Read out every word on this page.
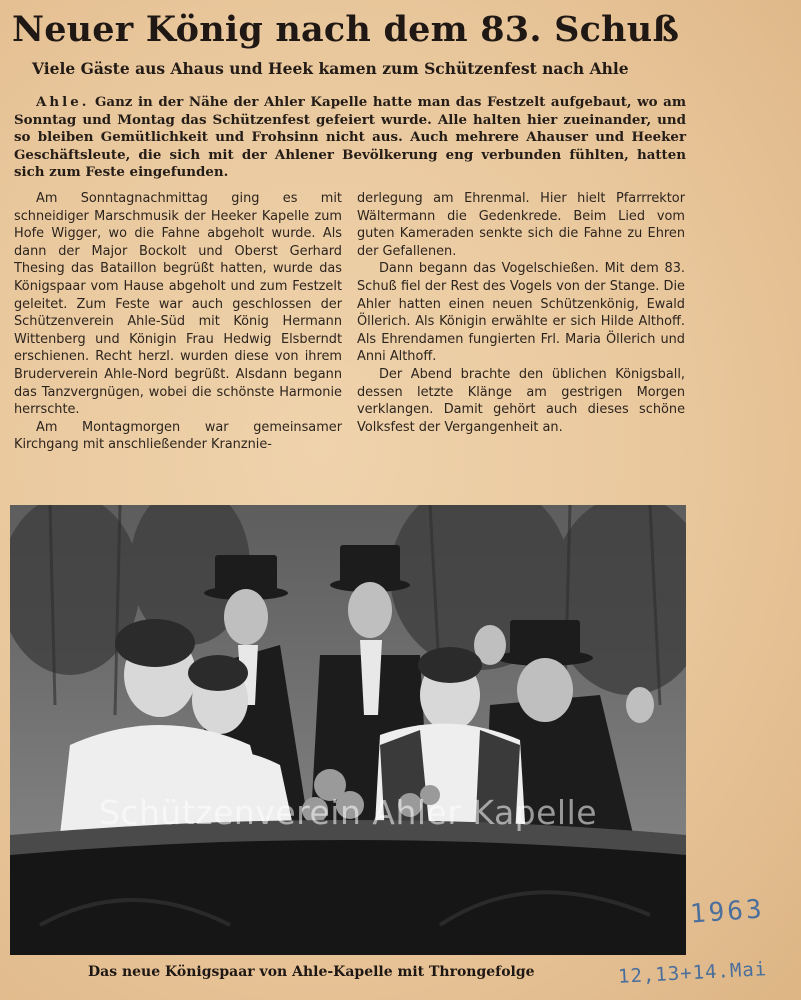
Neuer König nach dem 83. Schuß
Viele Gäste aus Ahaus und Heek kamen zum Schützenfest nach Ahle

Ahle. Ganz in der Nähe der Ahler Kapelle hatte man das Festzelt aufgebaut, wo am Sonntag und Montag das Schützenfest gefeiert wurde. Alle halten hier zueinander, und so bleiben Gemütlichkeit und Frohsinn nicht aus. Auch mehrere Ahauser und Heeker Geschäftsleute, die sich mit der Ahlener Bevölkerung eng verbunden fühlten, hatten sich zum Feste eingefunden.

Am Sonntagnachmittag ging es mit schneidiger Marschmusik der Heeker Kapelle zum Hofe Wigger, wo die Fahne abgeholt wurde. Als dann der Major Bockolt und Oberst Gerhard Thesing das Bataillon begrüßt hatten, wurde das Königspaar vom Hause abgeholt und zum Festzelt geleitet. Zum Feste war auch geschlossen der Schützenverein Ahle-Süd mit König Hermann Wittenberg und Königin Frau Hedwig Elsberndt erschienen. Recht herzl. wurden diese von ihrem Bruderverein Ahle-Nord begrüßt. Alsdann begann das Tanzvergnügen, wobei die schönste Harmonie herrschte.

Am Montagmorgen war gemeinsamer Kirchgang mit anschließender Kranznie-

derlegung am Ehrenmal. Hier hielt Pfarrrektor Wältermann die Gedenkrede. Beim Lied vom guten Kameraden senkte sich die Fahne zu Ehren der Gefallenen.

Dann begann das Vogelschießen. Mit dem 83. Schuß fiel der Rest des Vogels von der Stange. Die Ahler hatten einen neuen Schützenkönig, Ewald Öllerich. Als Königin erwählte er sich Hilde Althoff. Als Ehrendamen fungierten Frl. Maria Öllerich und Anni Althoff.

Der Abend brachte den üblichen Königsball, dessen letzte Klänge am gestrigen Morgen verklangen. Damit gehört auch dieses schöne Volksfest der Vergangenheit an.

Schützenverein Ahler Kapelle
Das neue Königspaar von Ahle-Kapelle mit Throngefolge
1963
12,13+14.Mai
